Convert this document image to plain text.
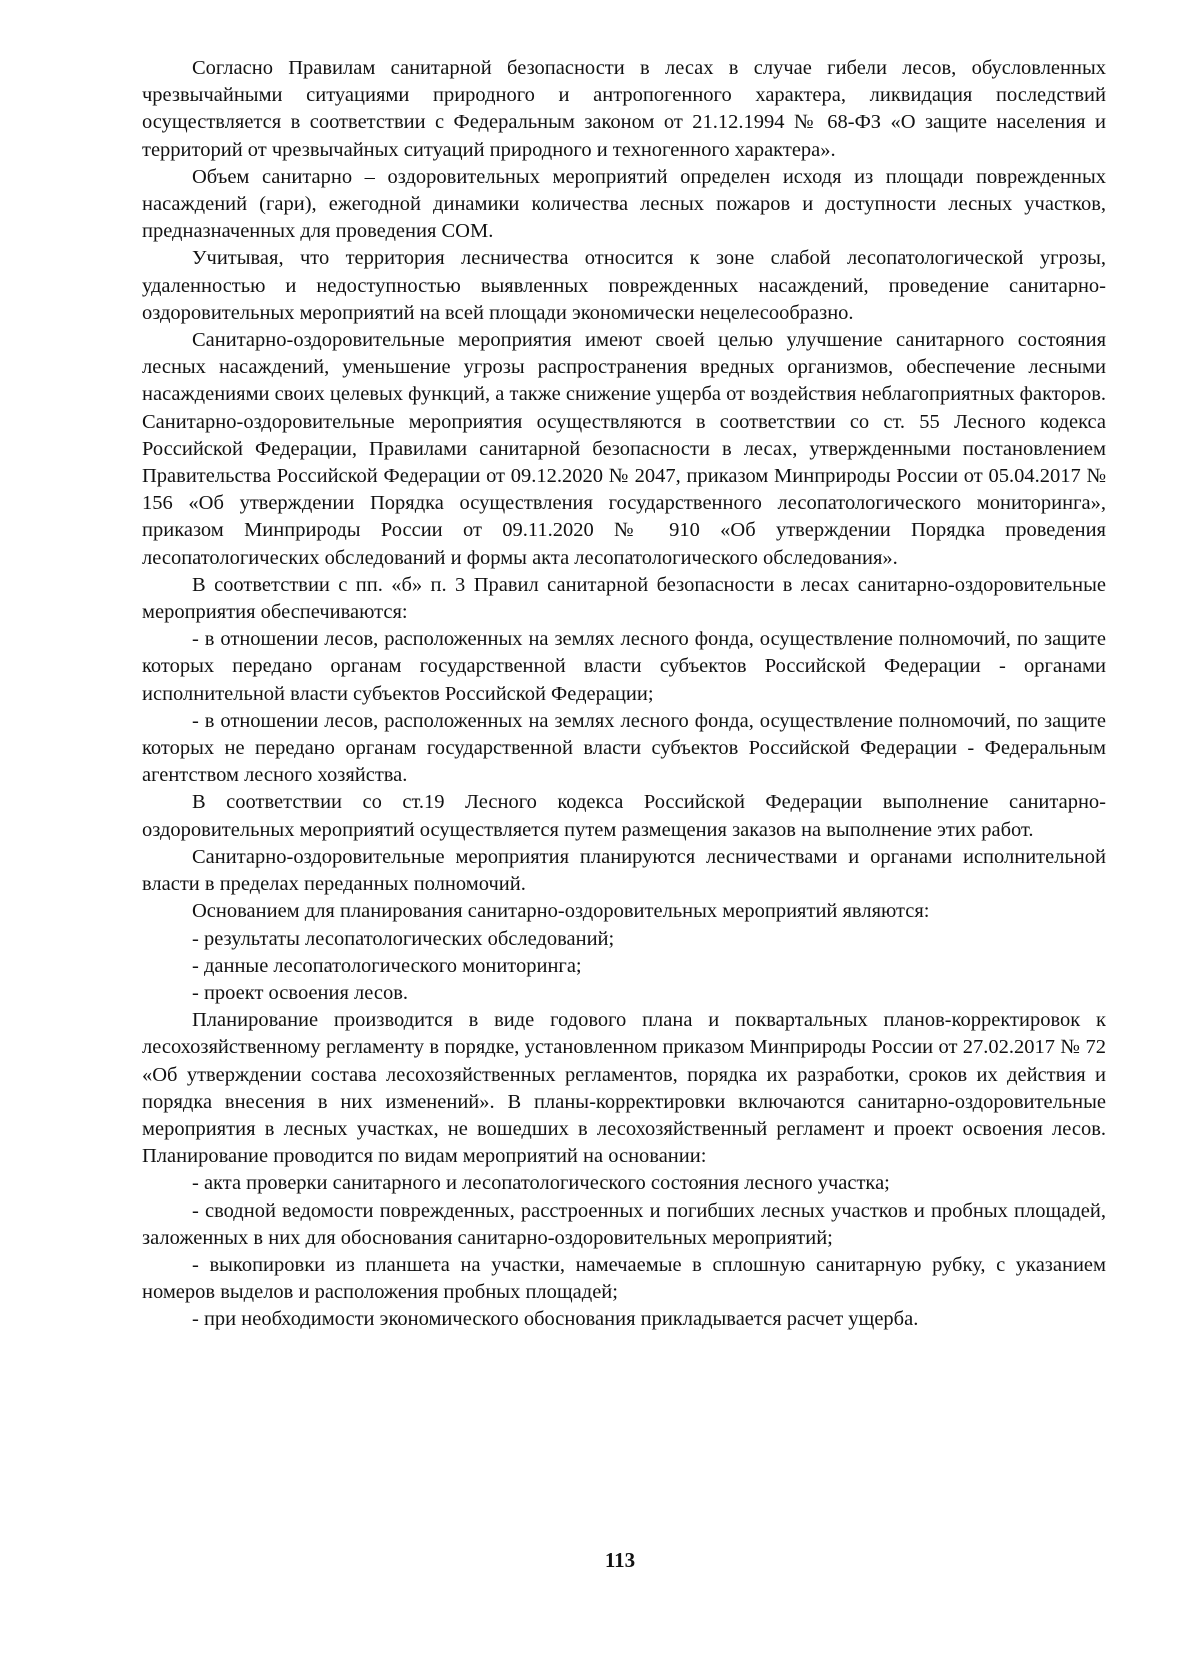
Согласно Правилам санитарной безопасности в лесах в случае гибели лесов, обусловленных чрезвычайными ситуациями природного и антропогенного характера, ликвидация последствий осуществляется в соответствии с Федеральным законом от 21.12.1994 № 68-ФЗ «О защите населения и территорий от чрезвычайных ситуаций природного и техногенного характера».

Объем санитарно – оздоровительных мероприятий определен исходя из площади поврежденных насаждений (гари), ежегодной динамики количества лесных пожаров и доступности лесных участков, предназначенных для проведения СОМ.

Учитывая, что территория лесничества относится к зоне слабой лесопатологической угрозы, удаленностью и недоступностью выявленных поврежденных насаждений, проведение санитарно-оздоровительных мероприятий на всей площади экономически нецелесообразно.

Санитарно-оздоровительные мероприятия имеют своей целью улучшение санитарного состояния лесных насаждений, уменьшение угрозы распространения вредных организмов, обеспечение лесными насаждениями своих целевых функций, а также снижение ущерба от воздействия неблагоприятных факторов. Санитарно-оздоровительные мероприятия осуществляются в соответствии со ст. 55 Лесного кодекса Российской Федерации, Правилами санитарной безопасности в лесах, утвержденными постановлением Правительства Российской Федерации от 09.12.2020 № 2047, приказом Минприроды России от 05.04.2017 № 156 «Об утверждении Порядка осуществления государственного лесопатологического мониторинга», приказом Минприроды России от 09.11.2020 № 910 «Об утверждении Порядка проведения лесопатологических обследований и формы акта лесопатологического обследования».

В соответствии с пп. «б» п. 3 Правил санитарной безопасности в лесах санитарно-оздоровительные мероприятия обеспечиваются:

- в отношении лесов, расположенных на землях лесного фонда, осуществление полномочий, по защите которых передано органам государственной власти субъектов Российской Федерации - органами исполнительной власти субъектов Российской Федерации;

- в отношении лесов, расположенных на землях лесного фонда, осуществление полномочий, по защите которых не передано органам государственной власти субъектов Российской Федерации - Федеральным агентством лесного хозяйства.

В соответствии со ст.19 Лесного кодекса Российской Федерации выполнение санитарно-оздоровительных мероприятий осуществляется путем размещения заказов на выполнение этих работ.

Санитарно-оздоровительные мероприятия планируются лесничествами и органами исполнительной власти в пределах переданных полномочий.

Основанием для планирования санитарно-оздоровительных мероприятий являются:

- результаты лесопатологических обследований;

- данные лесопатологического мониторинга;

- проект освоения лесов.

Планирование производится в виде годового плана и поквартальных планов-корректировок к лесохозяйственному регламенту в порядке, установленном приказом Минприроды России от 27.02.2017 № 72 «Об утверждении состава лесохозяйственных регламентов, порядка их разработки, сроков их действия и порядка внесения в них изменений». В планы-корректировки включаются санитарно-оздоровительные мероприятия в лесных участках, не вошедших в лесохозяйственный регламент и проект освоения лесов. Планирование проводится по видам мероприятий на основании:

- акта проверки санитарного и лесопатологического состояния лесного участка;

- сводной ведомости поврежденных, расстроенных и погибших лесных участков и пробных площадей, заложенных в них для обоснования санитарно-оздоровительных мероприятий;

- выкопировки из планшета на участки, намечаемые в сплошную санитарную рубку, с указанием номеров выделов и расположения пробных площадей;

- при необходимости экономического обоснования прикладывается расчет ущерба.

113
